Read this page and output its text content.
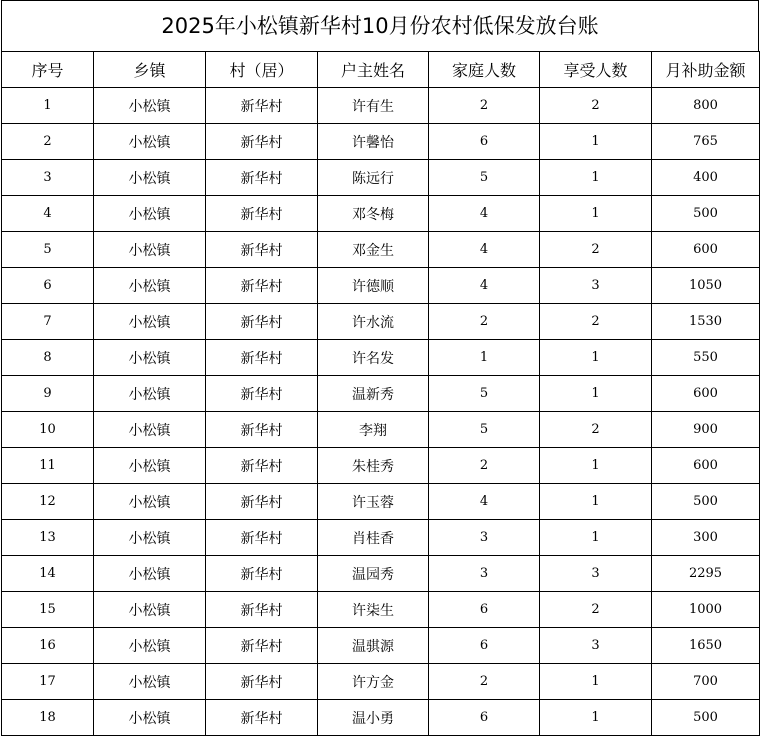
2025年小松镇新华村10月份农村低保发放台账
序号	乡镇	村（居）	户主姓名	家庭人数	享受人数	月补助金额
1	小松镇	新华村	许有生	2	2	800
2	小松镇	新华村	许馨怡	6	1	765
3	小松镇	新华村	陈远行	5	1	400
4	小松镇	新华村	邓冬梅	4	1	500
5	小松镇	新华村	邓金生	4	2	600
6	小松镇	新华村	许德顺	4	3	1050
7	小松镇	新华村	许水流	2	2	1530
8	小松镇	新华村	许名发	1	1	550
9	小松镇	新华村	温新秀	5	1	600
10	小松镇	新华村	李翔	5	2	900
11	小松镇	新华村	朱桂秀	2	1	600
12	小松镇	新华村	许玉蓉	4	1	500
13	小松镇	新华村	肖桂香	3	1	300
14	小松镇	新华村	温园秀	3	3	2295
15	小松镇	新华村	许柒生	6	2	1000
16	小松镇	新华村	温骐源	6	3	1650
17	小松镇	新华村	许方金	2	1	700
18	小松镇	新华村	温小勇	6	1	500
